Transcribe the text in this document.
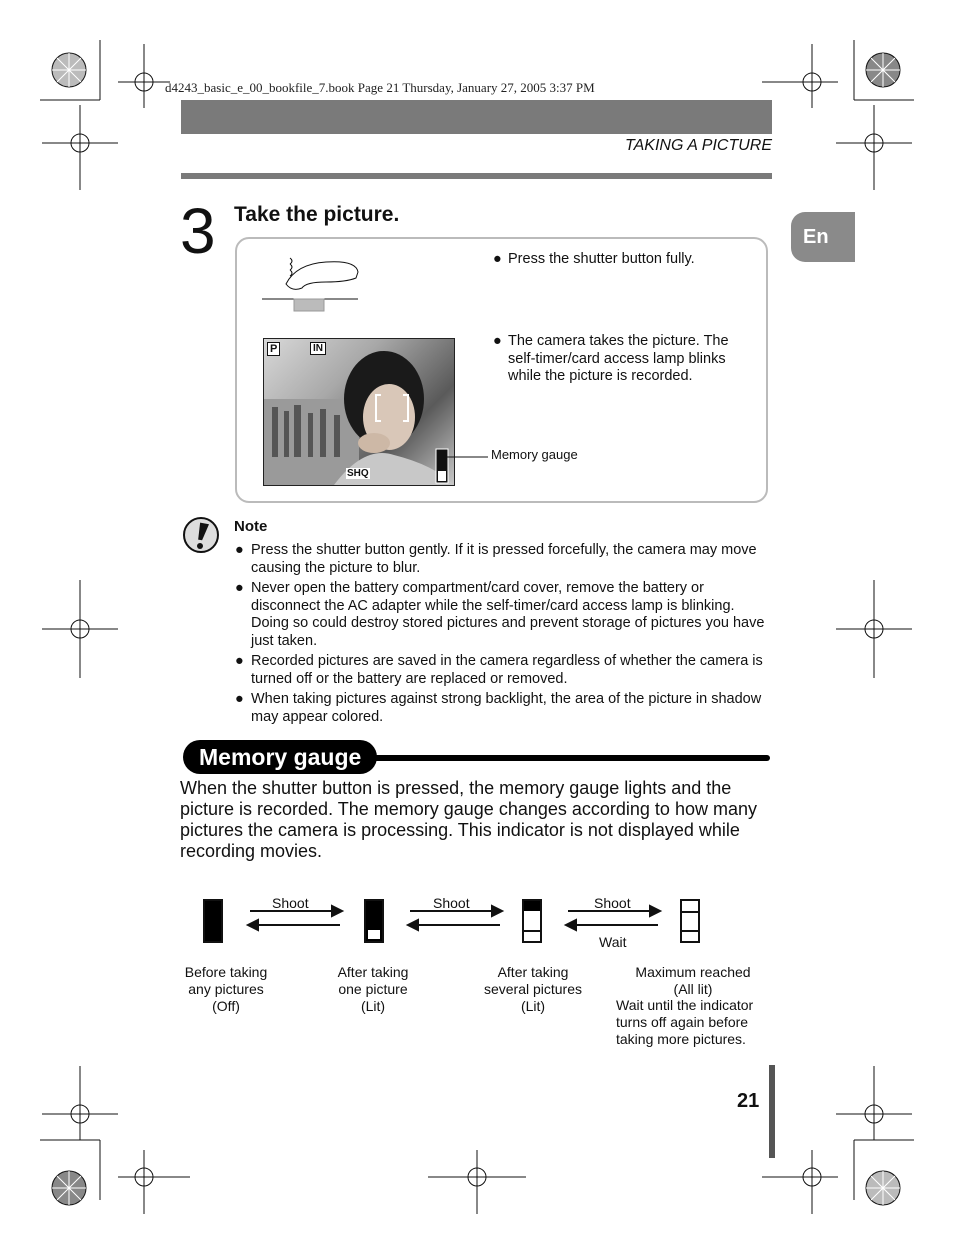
d4243_basic_e_00_bookfile_7.book Page 21 Thursday, January 27, 2005 3:37 PM
TAKING A PICTURE
En
3 Take the picture.
● Press the shutter button fully.
● The camera takes the picture. The self-timer/card access lamp blinks while the picture is recorded.
P	IN
SHQ
Memory gauge
Note
● Press the shutter button gently. If it is pressed forcefully, the camera may move causing the picture to blur.
● Never open the battery compartment/card cover, remove the battery or disconnect the AC adapter while the self-timer/card access lamp is blinking. Doing so could destroy stored pictures and prevent storage of pictures you have just taken.
● Recorded pictures are saved in the camera regardless of whether the camera is turned off or the battery are replaced or removed.
● When taking pictures against strong backlight, the area of the picture in shadow may appear colored.
Memory gauge
When the shutter button is pressed, the memory gauge lights and the picture is recorded. The memory gauge changes according to how many pictures the camera is processing. This indicator is not displayed while recording movies.
Shoot	Shoot	Shoot
Wait
Before taking any pictures (Off)
After taking one picture (Lit)
After taking several pictures (Lit)
Maximum reached (All lit)
Wait until the indicator turns off again before taking more pictures.
21
